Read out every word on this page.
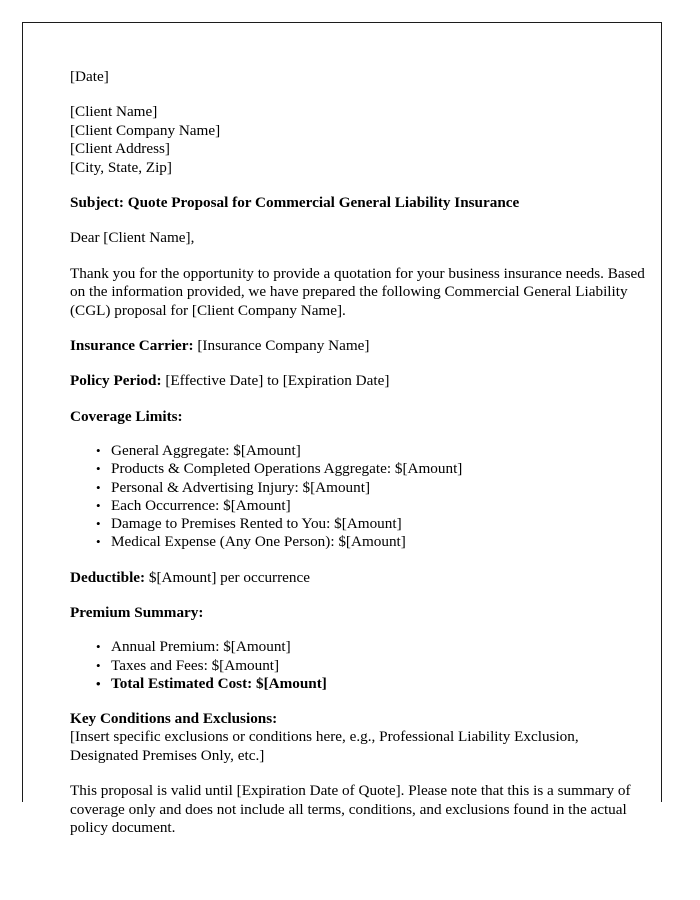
[Date]
[Client Name]
[Client Company Name]
[Client Address]
[City, State, Zip]
Subject: Quote Proposal for Commercial General Liability Insurance
Dear [Client Name],

Thank you for the opportunity to provide a quotation for your business insurance needs. Based on the information provided, we have prepared the following Commercial General Liability (CGL) proposal for [Client Company Name].

Insurance Carrier: [Insurance Company Name]
Policy Period: [Effective Date] to [Expiration Date]
Coverage Limits:
• General Aggregate: $[Amount]
• Products & Completed Operations Aggregate: $[Amount]
• Personal & Advertising Injury: $[Amount]
• Each Occurrence: $[Amount]
• Damage to Premises Rented to You: $[Amount]
• Medical Expense (Any One Person): $[Amount]
Deductible: $[Amount] per occurrence
Premium Summary:
• Annual Premium: $[Amount]
• Taxes and Fees: $[Amount]
• Total Estimated Cost: $[Amount]
Key Conditions and Exclusions:

[Insert specific exclusions or conditions here, e.g., Professional Liability Exclusion, Designated Premises Only, etc.]

This proposal is valid until [Expiration Date of Quote]. Please note that this is a summary of coverage only and does not include all terms, conditions, and exclusions found in the actual policy document.
